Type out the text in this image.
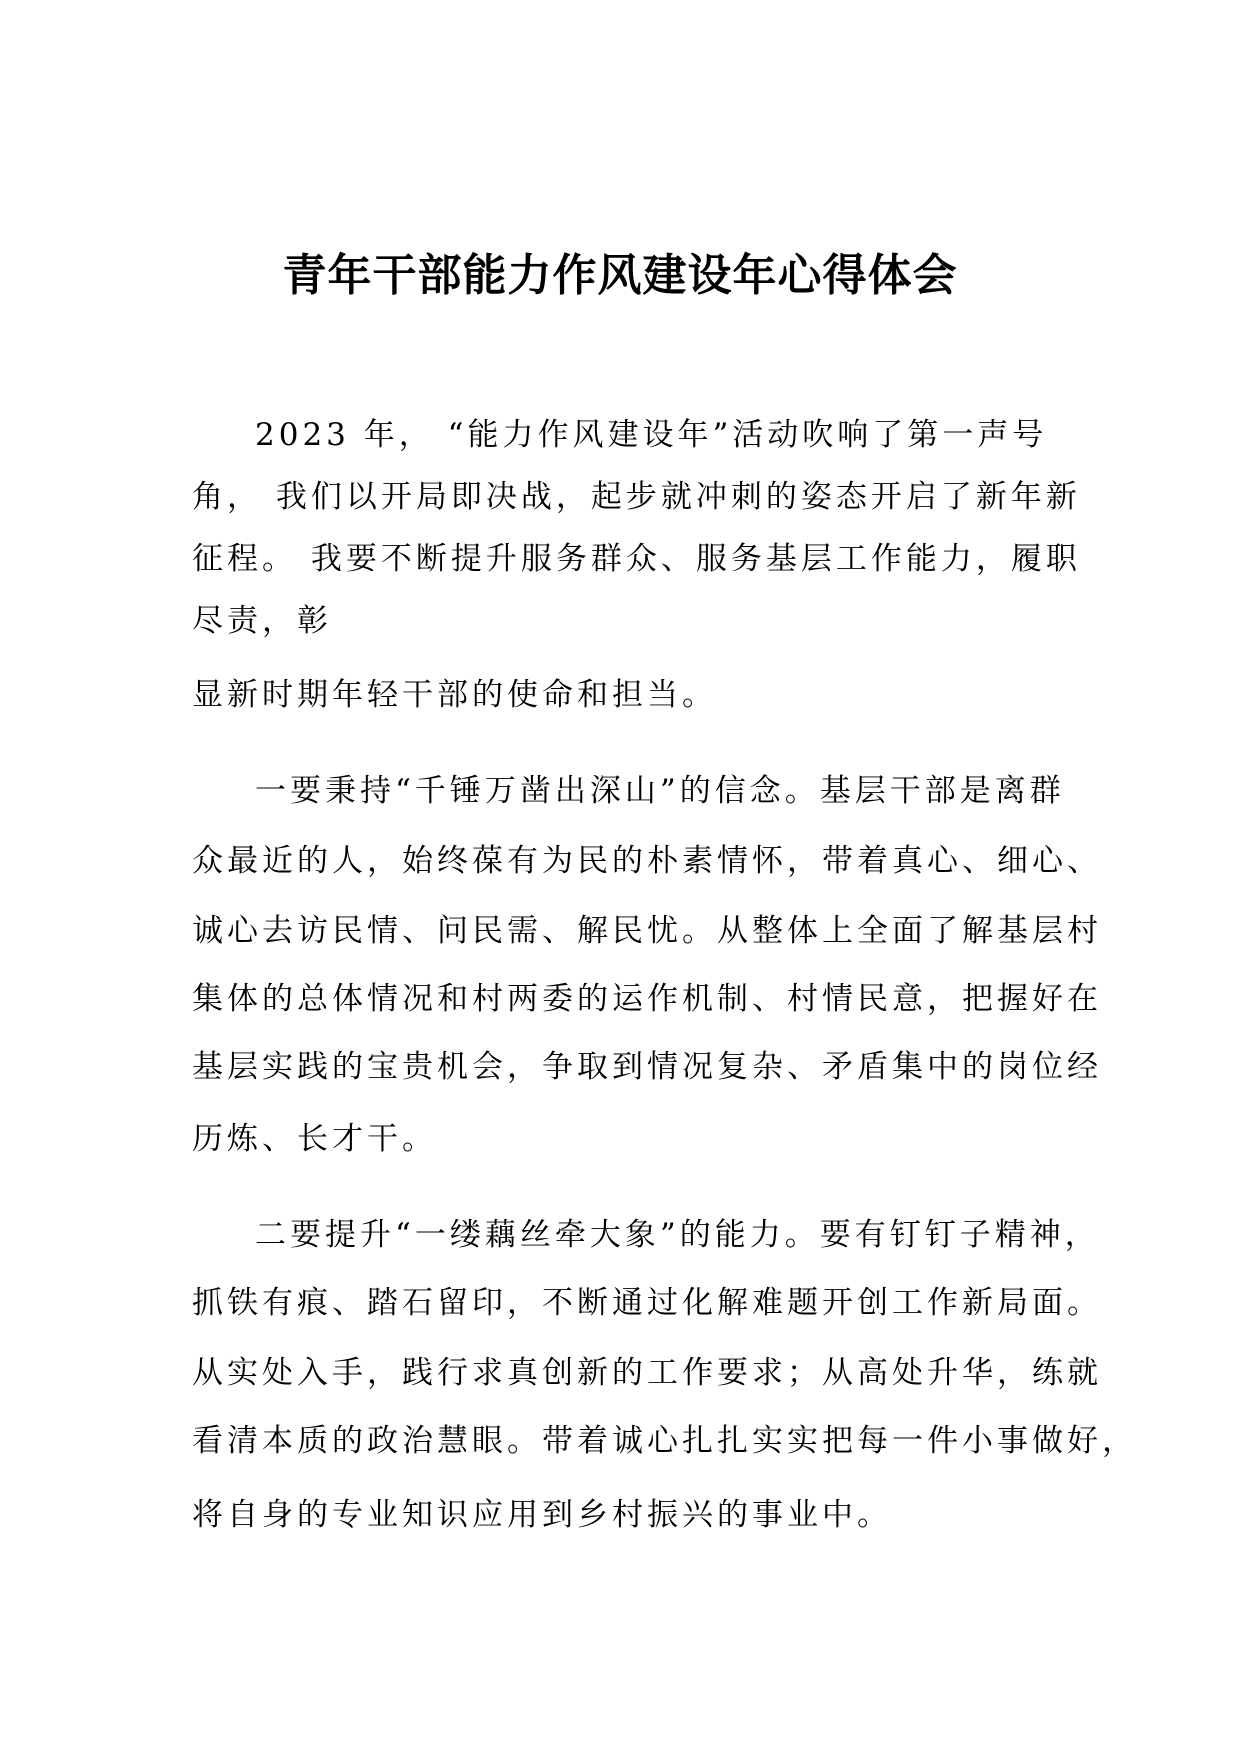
青年干部能力作风建设年心得体会
2023 年， “能力作风建设年”活动吹响了第一声号
角， 我们以开局即决战，起步就冲刺的姿态开启了新年新
征程。 我要不断提升服务群众、服务基层工作能力，履职
尽责，彰
显新时期年轻干部的使命和担当。
一要秉持“千锤万凿出深山”的信念。基层干部是离群
众最近的人，始终葆有为民的朴素情怀，带着真心、细心、
诚心去访民情、问民需、解民忧。从整体上全面了解基层村
集体的总体情况和村两委的运作机制、村情民意，把握好在
基层实践的宝贵机会，争取到情况复杂、矛盾集中的岗位经
历炼、长才干。
二要提升“一缕藕丝牵大象”的能力。要有钉钉子精神，
抓铁有痕、踏石留印，不断通过化解难题开创工作新局面。
从实处入手，践行求真创新的工作要求；从高处升华，练就
看清本质的政治慧眼。带着诚心扎扎实实把每一件小事做好，
将自身的专业知识应用到乡村振兴的事业中。
